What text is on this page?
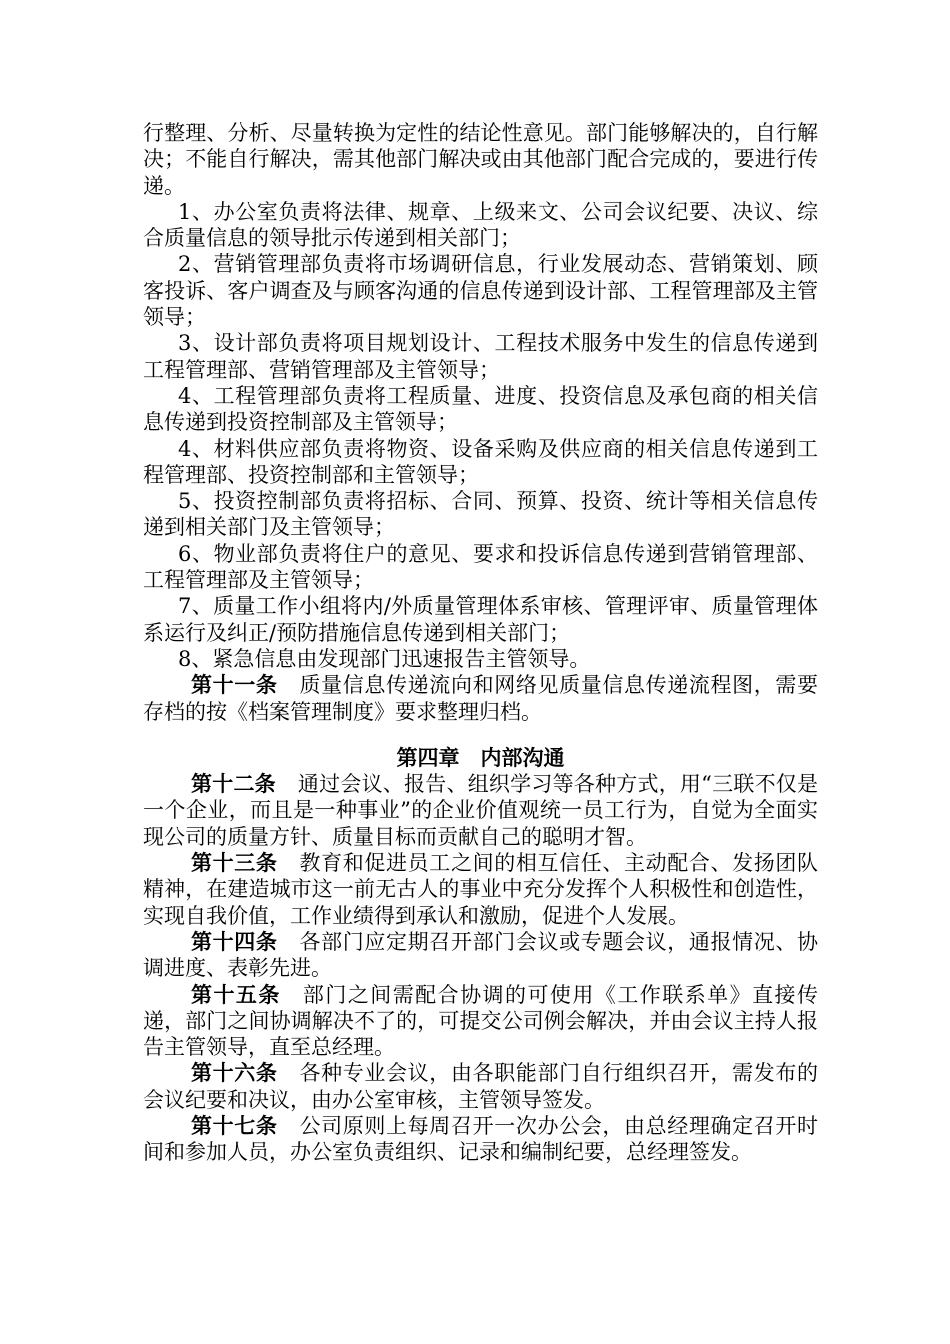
行整理、分析、尽量转换为定性的结论性意见。部门能够解决的，自行解决；不能自行解决，需其他部门解决或由其他部门配合完成的，要进行传递。

1、办公室负责将法律、规章、上级来文、公司会议纪要、决议、综合质量信息的领导批示传递到相关部门；

2、营销管理部负责将市场调研信息，行业发展动态、营销策划、顾客投诉、客户调查及与顾客沟通的信息传递到设计部、工程管理部及主管领导；

3、设计部负责将项目规划设计、工程技术服务中发生的信息传递到工程管理部、营销管理部及主管领导；

4、工程管理部负责将工程质量、进度、投资信息及承包商的相关信息传递到投资控制部及主管领导；

4、材料供应部负责将物资、设备采购及供应商的相关信息传递到工程管理部、投资控制部和主管领导；

5、投资控制部负责将招标、合同、预算、投资、统计等相关信息传递到相关部门及主管领导；

6、物业部负责将住户的意见、要求和投诉信息传递到营销管理部、工程管理部及主管领导；

7、质量工作小组将内/外质量管理体系审核、管理评审、质量管理体系运行及纠正/预防措施信息传递到相关部门；

8、紧急信息由发现部门迅速报告主管领导。

第十一条 质量信息传递流向和网络见质量信息传递流程图，需要存档的按《档案管理制度》要求整理归档。

第四章　内部沟通

第十二条 通过会议、报告、组织学习等各种方式，用“三联不仅是一个企业，而且是一种事业”的企业价值观统一员工行为，自觉为全面实现公司的质量方针、质量目标而贡献自己的聪明才智。

第十三条 教育和促进员工之间的相互信任、主动配合、发扬团队精神，在建造城市这一前无古人的事业中充分发挥个人积极性和创造性，实现自我价值，工作业绩得到承认和激励，促进个人发展。

第十四条 各部门应定期召开部门会议或专题会议，通报情况、协调进度、表彰先进。

第十五条 部门之间需配合协调的可使用《工作联系单》直接传递，部门之间协调解决不了的，可提交公司例会解决，并由会议主持人报告主管领导，直至总经理。

第十六条 各种专业会议，由各职能部门自行组织召开，需发布的会议纪要和决议，由办公室审核，主管领导签发。

第十七条 公司原则上每周召开一次办公会，由总经理确定召开时间和参加人员，办公室负责组织、记录和编制纪要，总经理签发。
